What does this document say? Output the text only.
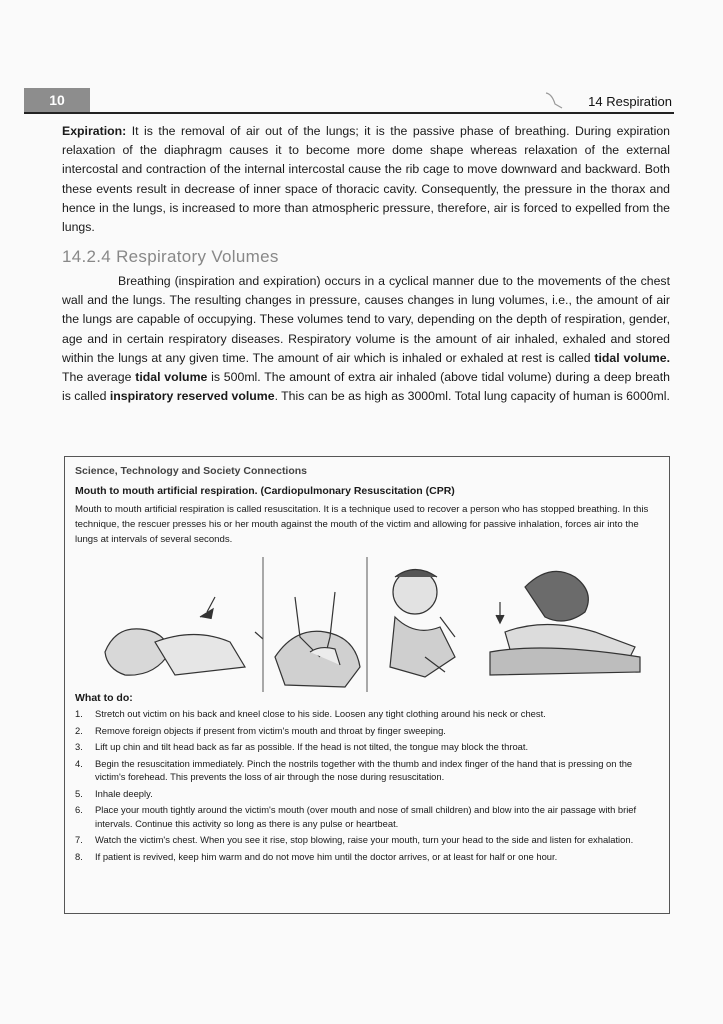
10	14 Respiration

Expiration: It is the removal of air out of the lungs; it is the passive phase of breathing. During expiration relaxation of the diaphragm causes it to become more dome shape whereas relaxation of the external intercostal and contraction of the internal intercostal cause the rib cage to move downward and backward. Both these events result in decrease of inner space of thoracic cavity. Consequently, the pressure in the thorax and hence in the lungs, is increased to more than atmospheric pressure, therefore, air is forced to expelled from the lungs.

14.2.4 Respiratory Volumes

Breathing (inspiration and expiration) occurs in a cyclical manner due to the movements of the chest wall and the lungs. The resulting changes in pressure, causes changes in lung volumes, i.e., the amount of air the lungs are capable of occupying. These volumes tend to vary, depending on the depth of respiration, gender, age and in certain respiratory diseases. Respiratory volume is the amount of air inhaled, exhaled and stored within the lungs at any given time. The amount of air which is inhaled or exhaled at rest is called tidal volume. The average tidal volume is 500ml. The amount of extra air inhaled (above tidal volume) during a deep breath is called inspiratory reserved volume. This can be as high as 3000ml. Total lung capacity of human is 6000ml.

Science, Technology and Society Connections
Mouth to mouth artificial respiration. (Cardiopulmonary Resuscitation (CPR)

Mouth to mouth artificial respiration is called resuscitation. It is a technique used to recover a person who has stopped breathing. In this technique, the rescuer presses his or her mouth against the mouth of the victim and allowing for passive inhalation, forces air into the lungs at intervals of several seconds.

What to do:
1. Stretch out victim on his back and kneel close to his side. Loosen any tight clothing around his neck or chest.
2. Remove foreign objects if present from victim's mouth and throat by finger sweeping.
3. Lift up chin and tilt head back as far as possible. If the head is not tilted, the tongue may block the throat.
4. Begin the resuscitation immediately. Pinch the nostrils together with the thumb and index finger of the hand that is pressing on the victim's forehead. This prevents the loss of air through the nose during resuscitation.
5. Inhale deeply.
6. Place your mouth tightly around the victim's mouth (over mouth and nose of small children) and blow into the air passage with brief intervals. Continue this activity so long as there is any pulse or heartbeat.
7. Watch the victim's chest. When you see it rise, stop blowing, raise your mouth, turn your head to the side and listen for exhalation.
8. If patient is revived, keep him warm and do not move him until the doctor arrives, or at least for half or one hour.
